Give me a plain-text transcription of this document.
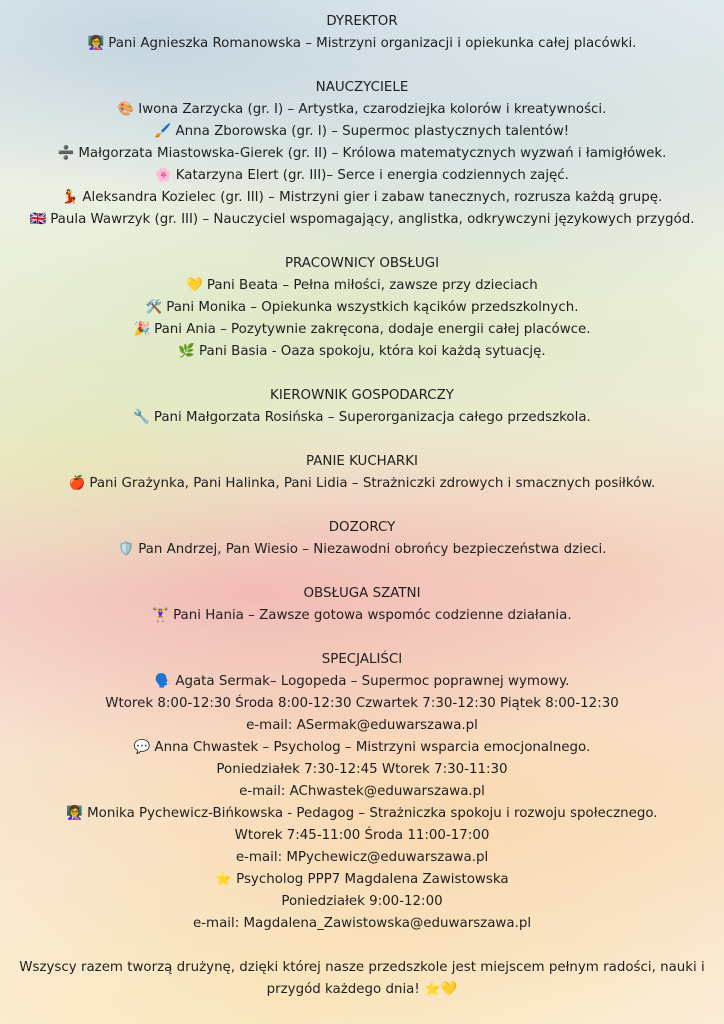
DYREKTOR
👩‍🏫 Pani Agnieszka Romanowska – Mistrzyni organizacji i opiekunka całej placówki.
NAUCZYCIELE
🎨 Iwona Zarzycka (gr. I) – Artystka, czarodziejka kolorów i kreatywności.
🖌️ Anna Zborowska (gr. I) – Supermoc plastycznych talentów!
➗ Małgorzata Miastowska-Gierek (gr. II) – Królowa matematycznych wyzwań i łamigłówek.
🌸 Katarzyna Elert (gr. III)– Serce i energia codziennych zajęć.
💃 Aleksandra Kozielec (gr. III) – Mistrzyni gier i zabaw tanecznych, rozrusza każdą grupę.
🇬🇧 Paula Wawrzyk (gr. III) – Nauczyciel wspomagający, anglistka, odkrywczyni językowych przygód.
PRACOWNICY OBSŁUGI
💛 Pani Beata – Pełna miłości, zawsze przy dzieciach
🛠️ Pani Monika – Opiekunka wszystkich kącików przedszkolnych.
🎉 Pani Ania – Pozytywnie zakręcona, dodaje energii całej placówce.
🌿 Pani Basia - Oaza spokoju, która koi każdą sytuację.
KIEROWNIK GOSPODARCZY
🔧 Pani Małgorzata Rosińska – Superorganizacja całego przedszkola.
PANIE KUCHARKI
🍎 Pani Grażynka, Pani Halinka, Pani Lidia – Strażniczki zdrowych i smacznych posiłków.
DOZORCY
🛡️ Pan Andrzej, Pan Wiesio – Niezawodni obrońcy bezpieczeństwa dzieci.
OBSŁUGA SZATNI
🏋️‍♀️ Pani Hania – Zawsze gotowa wspomóc codzienne działania.
SPECJALIŚCI
🗣️ Agata Sermak– Logopeda – Supermoc poprawnej wymowy.
Wtorek 8:00-12:30 Środa 8:00-12:30 Czwartek 7:30-12:30 Piątek 8:00-12:30
e-mail: ASermak@eduwarszawa.pl
💬 Anna Chwastek – Psycholog – Mistrzyni wsparcia emocjonalnego.
Poniedziałek 7:30-12:45 Wtorek 7:30-11:30
e-mail: AChwastek@eduwarszawa.pl
👩‍🏫 Monika Pychewicz-Bińkowska - Pedagog – Strażniczka spokoju i rozwoju społecznego.
Wtorek 7:45-11:00 Środa 11:00-17:00
e-mail: MPychewicz@eduwarszawa.pl
⭐ Psycholog PPP7 Magdalena Zawistowska
Poniedziałek 9:00-12:00
e-mail: Magdalena_Zawistowska@eduwarszawa.pl
Wszyscy razem tworzą drużynę, dzięki której nasze przedszkole jest miejscem pełnym radości, nauki i przygód każdego dnia! ⭐💛
